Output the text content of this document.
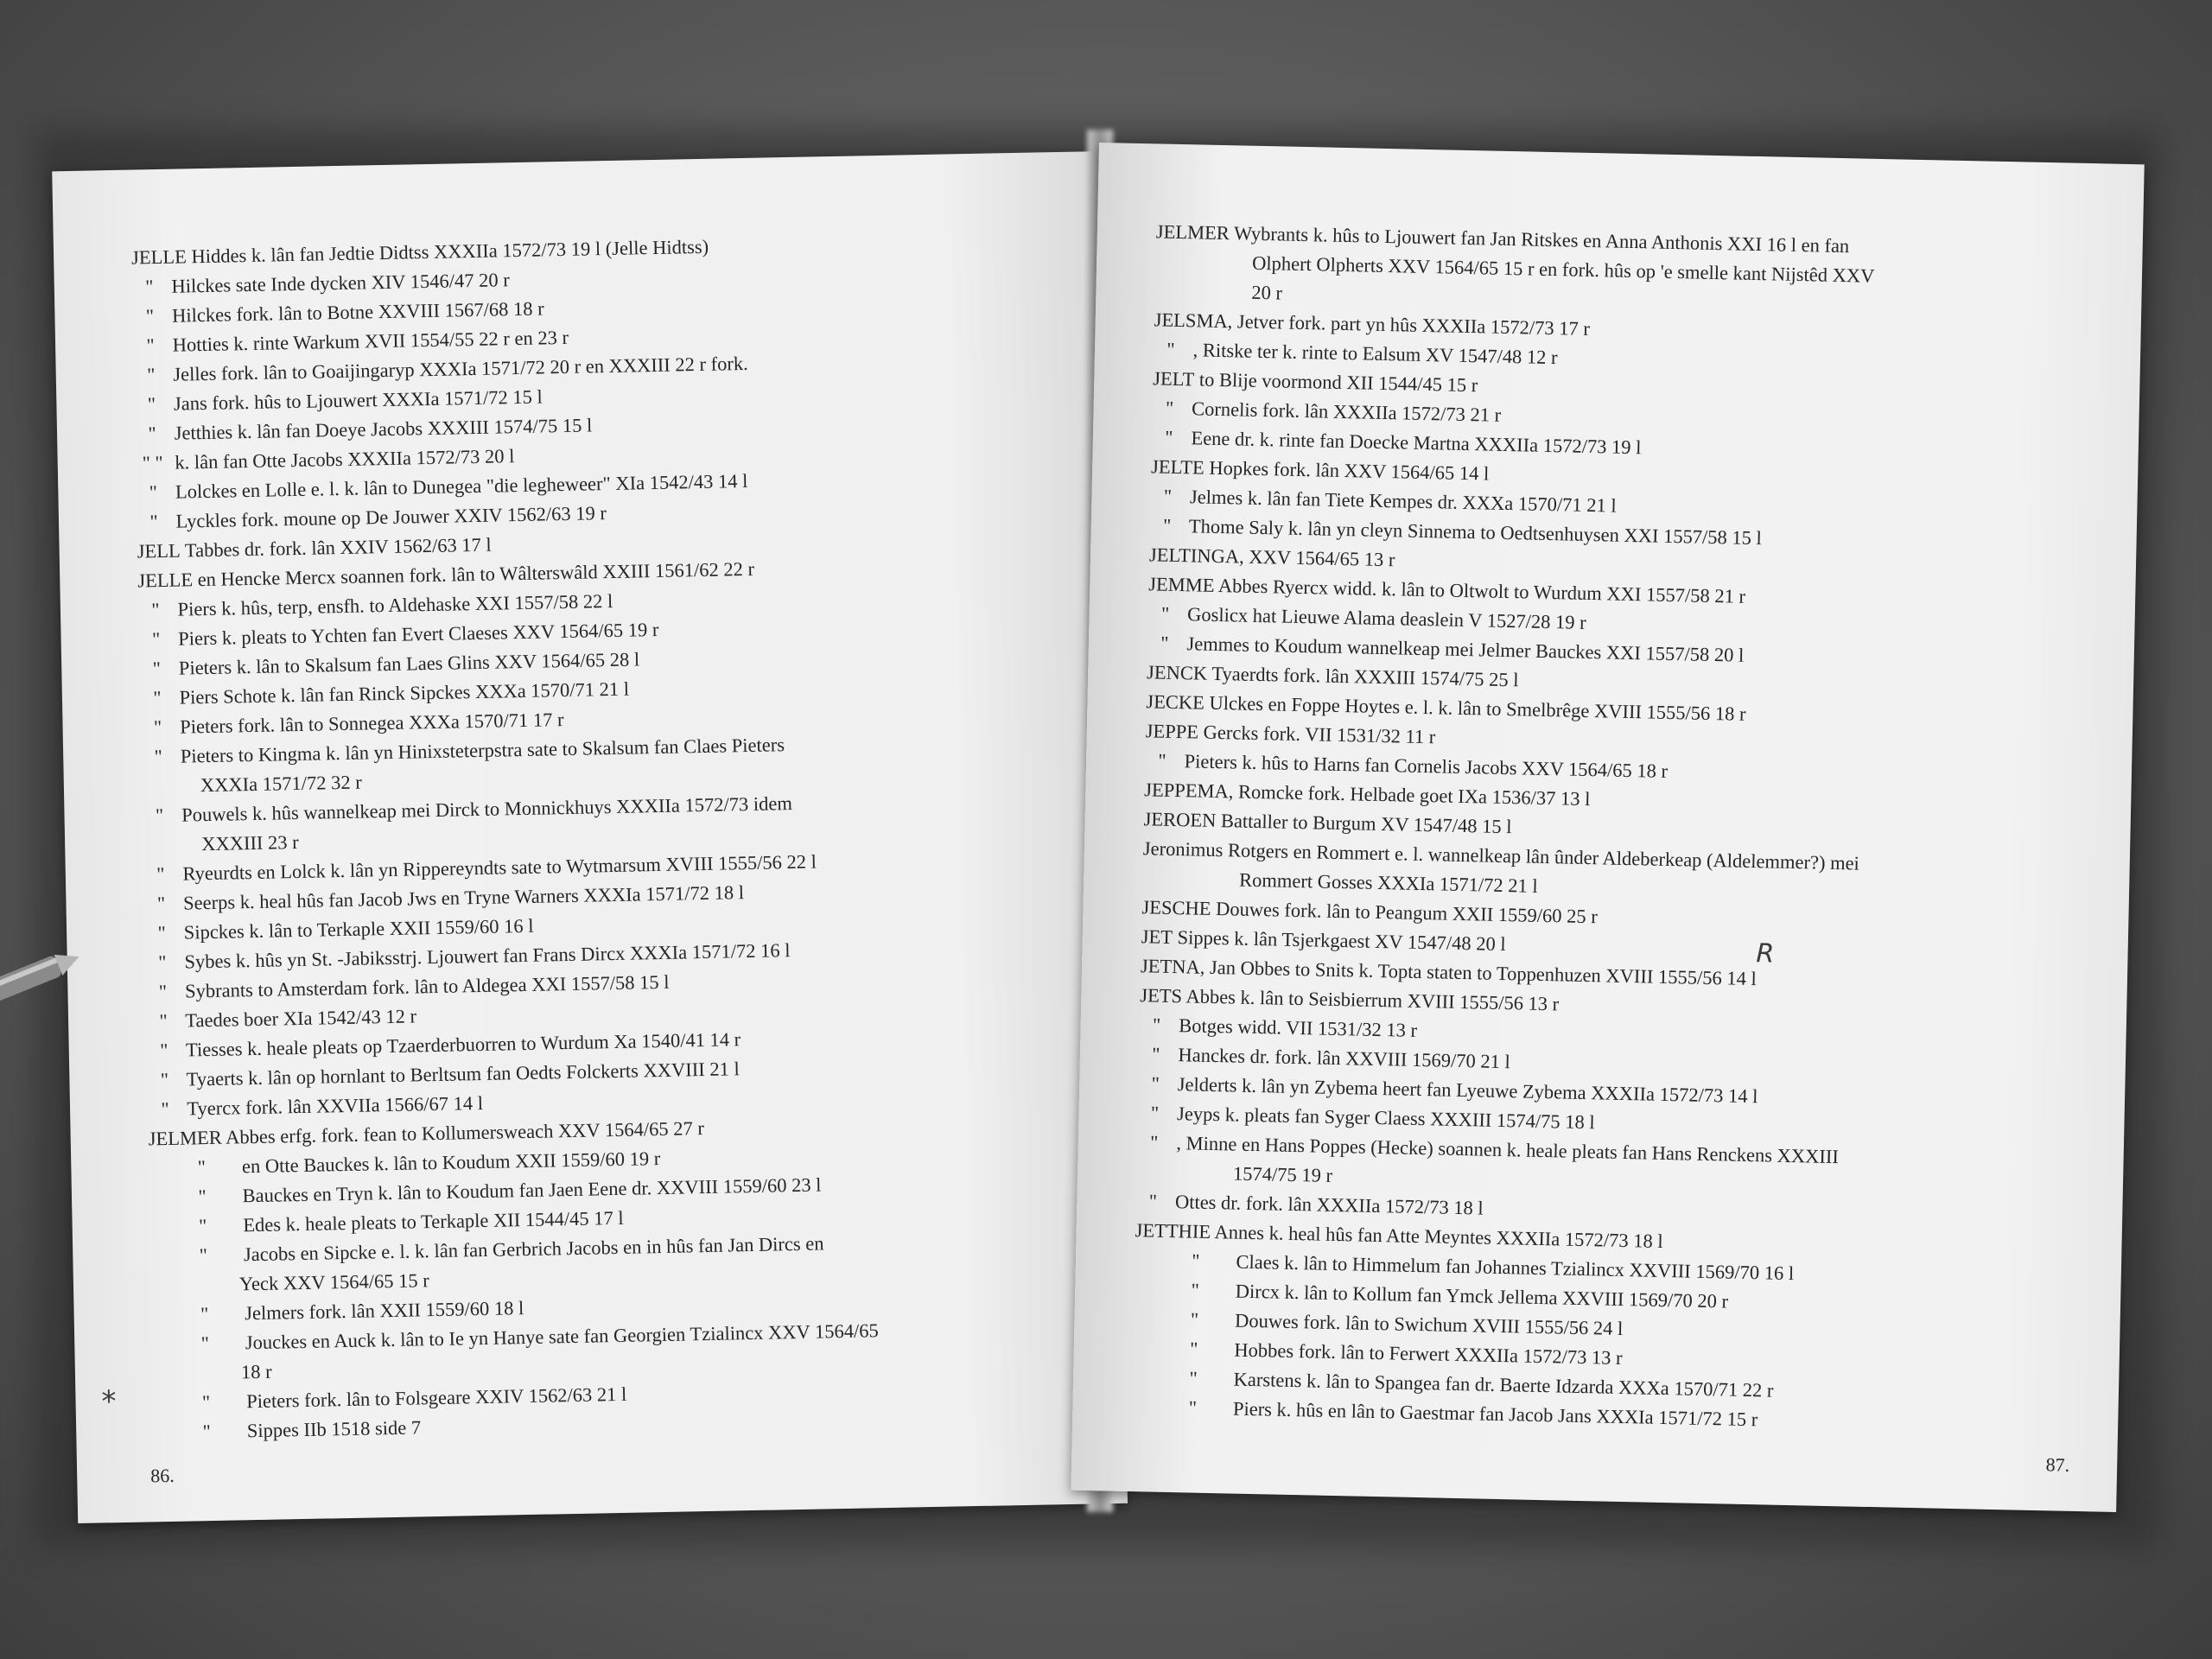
JELLE Hiddes k. lân fan Jedtie Didtss XXXIIa 1572/73 19 l (Jelle Hidtss)
" Hilckes sate Inde dycken XIV 1546/47 20 r
" Hilckes fork. lân to Botne XXVIII 1567/68 18 r
" Hotties k. rinte Warkum XVII 1554/55 22 r en 23 r
" Jelles fork. lân to Goaijingaryp XXXIa 1571/72 20 r en XXXIII 22 r fork.
" Jans fork. hûs to Ljouwert XXXIa 1571/72 15 l
" Jetthies k. lân fan Doeye Jacobs XXXIII 1574/75 15 l
" " k. lân fan Otte Jacobs XXXIIa 1572/73 20 l
" Lolckes en Lolle e. l. k. lân to Dunegea "die legheweer" XIa 1542/43 14 l
" Lyckles fork. moune op De Jouwer XXIV 1562/63 19 r
JELL Tabbes dr. fork. lân XXIV 1562/63 17 l
JELLE en Hencke Mercx soannen fork. lân to Wâlterswâld XXIII 1561/62 22 r
" Piers k. hûs, terp, ensfh. to Aldehaske XXI 1557/58 22 l
" Piers k. pleats to Ychten fan Evert Claeses XXV 1564/65 19 r
" Pieters k. lân to Skalsum fan Laes Glins XXV 1564/65 28 l
" Piers Schote k. lân fan Rinck Sipckes XXXa 1570/71 21 l
" Pieters fork. lân to Sonnegea XXXa 1570/71 17 r
" Pieters to Kingma k. lân yn Hinixsteterpstra sate to Skalsum fan Claes Pieters
XXXIa 1571/72 32 r
" Pouwels k. hûs wannelkeap mei Dirck to Monnickhuys XXXIIa 1572/73 idem
XXXIII 23 r
" Ryeurdts en Lolck k. lân yn Rippereyndts sate to Wytmarsum XVIII 1555/56 22 l
" Seerps k. heal hûs fan Jacob Jws en Tryne Warners XXXIa 1571/72 18 l
" Sipckes k. lân to Terkaple XXII 1559/60 16 l
" Sybes k. hûs yn St. -Jabiksstrj. Ljouwert fan Frans Dircx XXXIa 1571/72 16 l
" Sybrants to Amsterdam fork. lân to Aldegea XXI 1557/58 15 l
" Taedes boer XIa 1542/43 12 r
" Tiesses k. heale pleats op Tzaerderbuorren to Wurdum Xa 1540/41 14 r
" Tyaerts k. lân op hornlant to Berltsum fan Oedts Folckerts XXVIII 21 l
" Tyercx fork. lân XXVIIa 1566/67 14 l
JELMER Abbes erfg. fork. fean to Kollumersweach XXV 1564/65 27 r
" en Otte Bauckes k. lân to Koudum XXII 1559/60 19 r
" Bauckes en Tryn k. lân to Koudum fan Jaen Eene dr. XXVIII 1559/60 23 l
" Edes k. heale pleats to Terkaple XII 1544/45 17 l
" Jacobs en Sipcke e. l. k. lân fan Gerbrich Jacobs en in hûs fan Jan Dircs en
Yeck XXV 1564/65 15 r
" Jelmers fork. lân XXII 1559/60 18 l
" Jouckes en Auck k. lân to Ie yn Hanye sate fan Georgien Tzialincx XXV 1564/65
18 r
" Pieters fork. lân to Folsgeare XXIV 1562/63 21 l
" Sippes IIb 1518 side 7
86.
*
JELMER Wybrants k. hûs to Ljouwert fan Jan Ritskes en Anna Anthonis XXI 16 l en fan
Olphert Olpherts XXV 1564/65 15 r en fork. hûs op 'e smelle kant Nijstêd XXV
20 r
JELSMA, Jetver fork. part yn hûs XXXIIa 1572/73 17 r
" , Ritske ter k. rinte to Ealsum XV 1547/48 12 r
JELT to Blije voormond XII 1544/45 15 r
" Cornelis fork. lân XXXIIa 1572/73 21 r
" Eene dr. k. rinte fan Doecke Martna XXXIIa 1572/73 19 l
JELTE Hopkes fork. lân XXV 1564/65 14 l
" Jelmes k. lân fan Tiete Kempes dr. XXXa 1570/71 21 l
" Thome Saly k. lân yn cleyn Sinnema to Oedtsenhuysen XXI 1557/58 15 l
JELTINGA, XXV 1564/65 13 r
JEMME Abbes Ryercx widd. k. lân to Oltwolt to Wurdum XXI 1557/58 21 r
" Goslicx hat Lieuwe Alama deaslein V 1527/28 19 r
" Jemmes to Koudum wannelkeap mei Jelmer Bauckes XXI 1557/58 20 l
JENCK Tyaerdts fork. lân XXXIII 1574/75 25 l
JECKE Ulckes en Foppe Hoytes e. l. k. lân to Smelbrêge XVIII 1555/56 18 r
JEPPE Gercks fork. VII 1531/32 11 r
" Pieters k. hûs to Harns fan Cornelis Jacobs XXV 1564/65 18 r
JEPPEMA, Romcke fork. Helbade goet IXa 1536/37 13 l
JEROEN Battaller to Burgum XV 1547/48 15 l
Jeronimus Rotgers en Rommert e. l. wannelkeap lân ûnder Aldeberkeap (Aldelemmer?) mei
Rommert Gosses XXXIa 1571/72 21 l
JESCHE Douwes fork. lân to Peangum XXII 1559/60 25 r
JET Sippes k. lân Tsjerkgaest XV 1547/48 20 l
JETNA, Jan Obbes to Snits k. Topta staten to Toppenhuzen XVIII 1555/56 14 l
JETS Abbes k. lân to Seisbierrum XVIII 1555/56 13 r
" Botges widd. VII 1531/32 13 r
" Hanckes dr. fork. lân XXVIII 1569/70 21 l
" Jelderts k. lân yn Zybema heert fan Lyeuwe Zybema XXXIIa 1572/73 14 l
" Jeyps k. pleats fan Syger Claess XXXIII 1574/75 18 l
" , Minne en Hans Poppes (Hecke) soannen k. heale pleats fan Hans Renckens XXXIII
1574/75 19 r
" Ottes dr. fork. lân XXXIIa 1572/73 18 l
JETTHIE Annes k. heal hûs fan Atte Meyntes XXXIIa 1572/73 18 l
" Claes k. lân to Himmelum fan Johannes Tzialincx XXVIII 1569/70 16 l
" Dircx k. lân to Kollum fan Ymck Jellema XXVIII 1569/70 20 r
" Douwes fork. lân to Swichum XVIII 1555/56 24 l
" Hobbes fork. lân to Ferwert XXXIIa 1572/73 13 r
" Karstens k. lân to Spangea fan dr. Baerte Idzarda XXXa 1570/71 22 r
" Piers k. hûs en lân to Gaestmar fan Jacob Jans XXXIa 1571/72 15 r
87.
R
